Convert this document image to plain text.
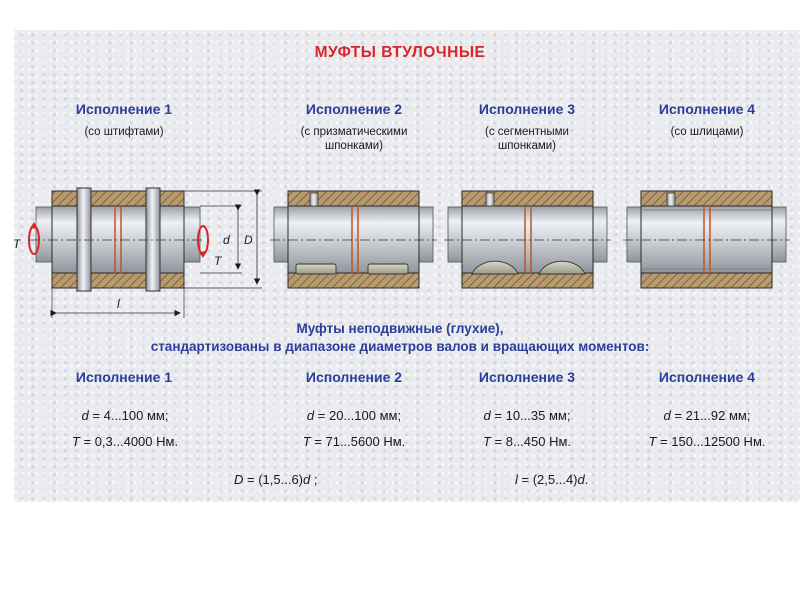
МУФТЫ ВТУЛОЧНЫЕ
Исполнение 1
(со штифтами)
Исполнение 2
(с призматическими
шпонками)
Исполнение 3
(с сегментными
шпонками)
Исполнение 4
(со шлицами)
T
T
d D
l
Муфты неподвижные (глухие),
стандартизованы в диапазоне диаметров валов и вращающих моментов:
Исполнение 1
d = 4...100 мм;
T = 0,3...4000 Нм.
Исполнение 2
d = 20...100 мм;
T = 71...5600 Нм.
Исполнение 3
d = 10...35 мм;
T = 8...450 Нм.
Исполнение 4
d = 21...92 мм;
T = 150...12500 Нм.
D = (1,5...6)d ;	l = (2,5...4)d.
